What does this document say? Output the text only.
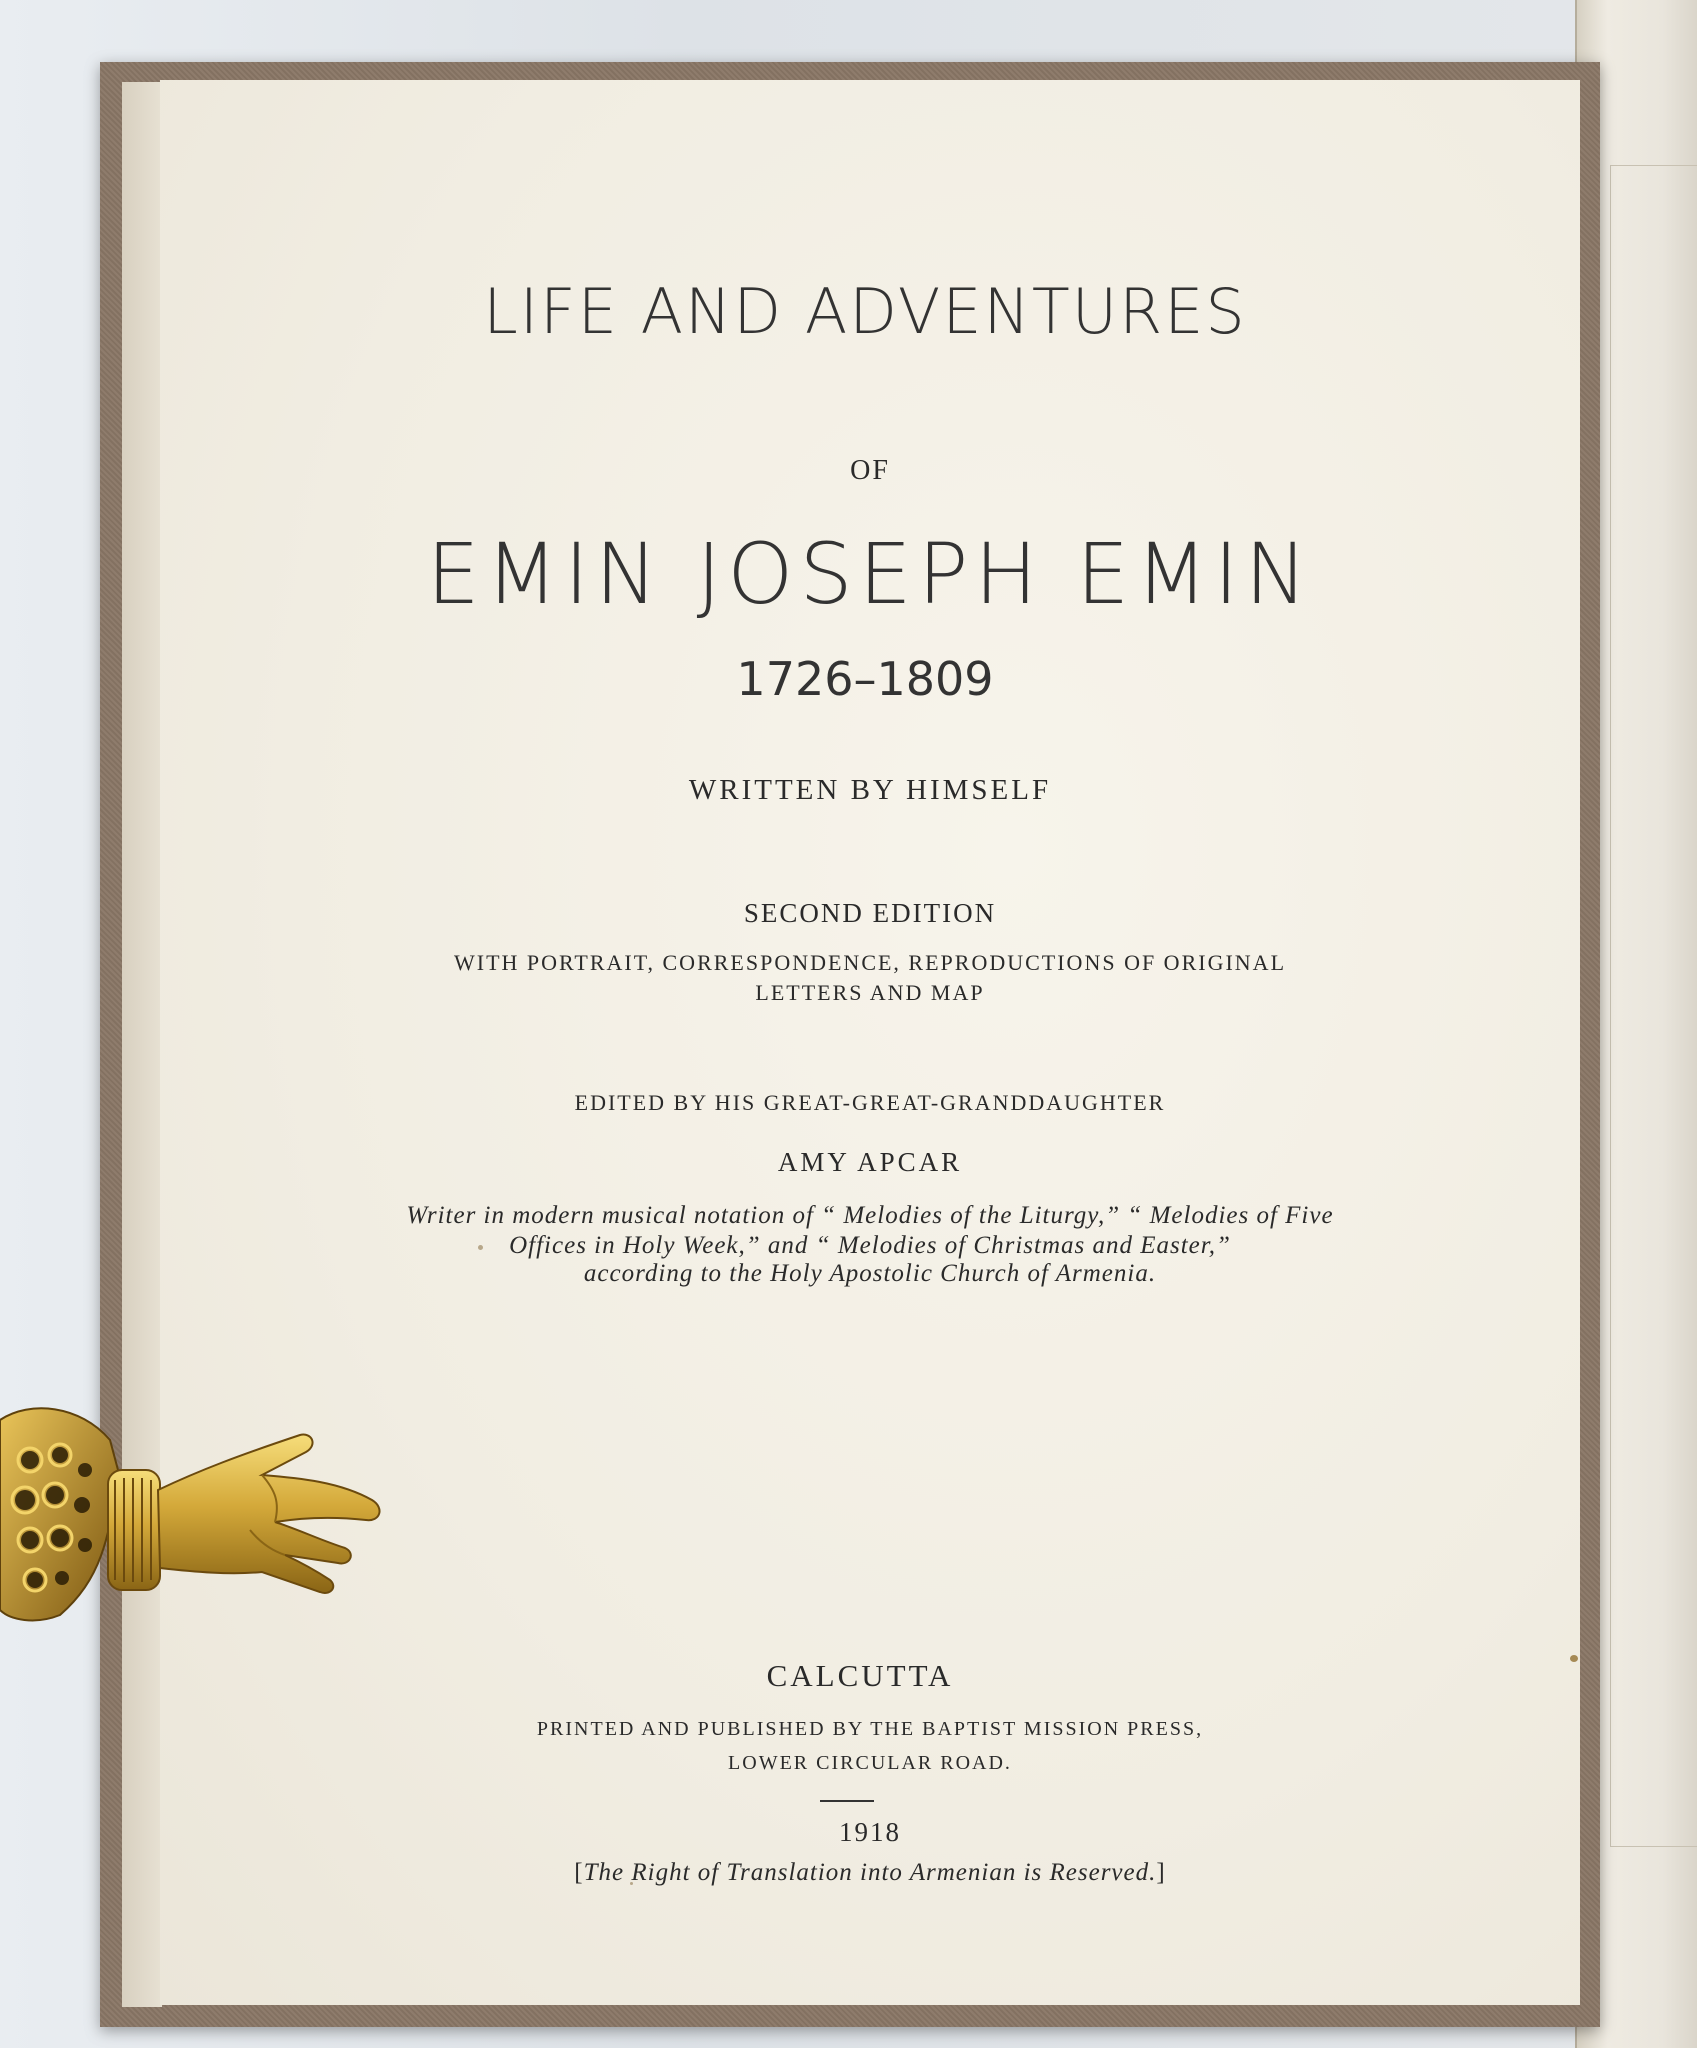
LIFE AND ADVENTURES
OF
EMIN JOSEPH EMIN
1726–1809
WRITTEN BY HIMSELF
SECOND EDITION
WITH PORTRAIT, CORRESPONDENCE, REPRODUCTIONS OF ORIGINAL
LETTERS AND MAP
EDITED BY HIS GREAT-GREAT-GRANDDAUGHTER
AMY APCAR
Writer in modern musical notation of “ Melodies of the Liturgy,” “ Melodies of Five
Offices in Holy Week,” and “ Melodies of Christmas and Easter,”
according to the Holy Apostolic Church of Armenia.
CALCUTTA
PRINTED AND PUBLISHED BY THE BAPTIST MISSION PRESS,
LOWER CIRCULAR ROAD.
1918
[The Right of Translation into Armenian is Reserved.]
